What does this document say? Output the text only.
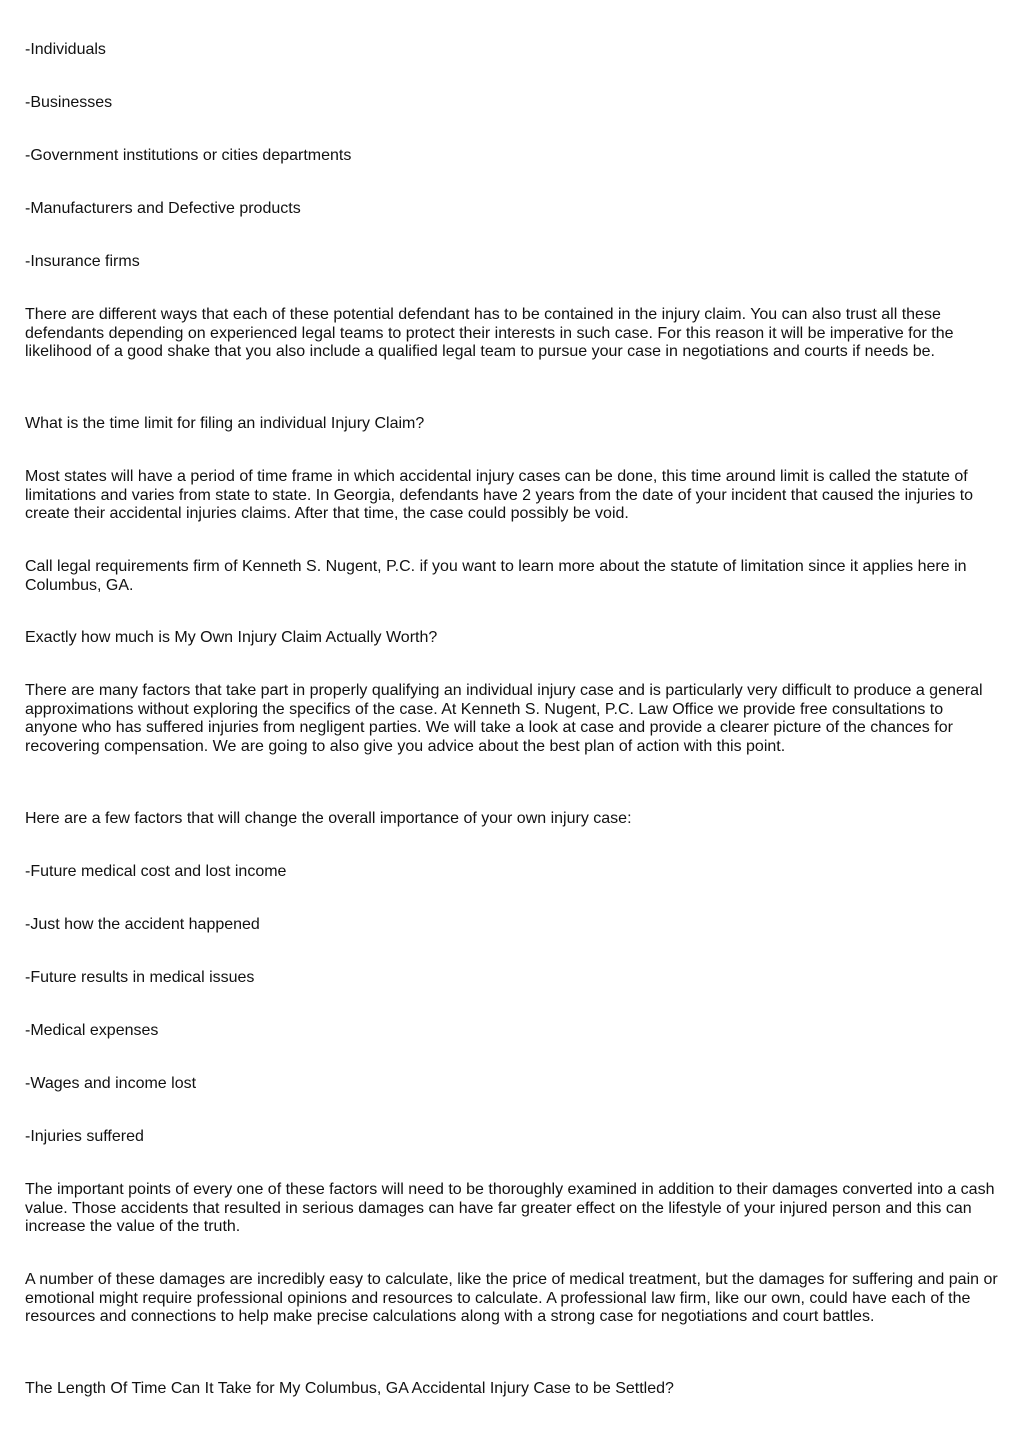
-Individuals

-Businesses

-Government institutions or cities departments

-Manufacturers and Defective products

-Insurance firms

There are different ways that each of these potential defendant has to be contained in the injury claim. You can also trust all these defendants depending on experienced legal teams to protect their interests in such case. For this reason it will be imperative for the likelihood of a good shake that you also include a qualified legal team to pursue your case in negotiations and courts if needs be.

What is the time limit for filing an individual Injury Claim?

Most states will have a period of time frame in which accidental injury cases can be done, this time around limit is called the statute of limitations and varies from state to state. In Georgia, defendants have 2 years from the date of your incident that caused the injuries to create their accidental injuries claims. After that time, the case could possibly be void.

Call legal requirements firm of Kenneth S. Nugent, P.C. if you want to learn more about the statute of limitation since it applies here in Columbus, GA.

Exactly how much is My Own Injury Claim Actually Worth?

There are many factors that take part in properly qualifying an individual injury case and is particularly very difficult to produce a general approximations without exploring the specifics of the case. At Kenneth S. Nugent, P.C. Law Office we provide free consultations to anyone who has suffered injuries from negligent parties. We will take a look at case and provide a clearer picture of the chances for recovering compensation. We are going to also give you advice about the best plan of action with this point.

Here are a few factors that will change the overall importance of your own injury case:

-Future medical cost and lost income

-Just how the accident happened

-Future results in medical issues

-Medical expenses

-Wages and income lost

-Injuries suffered

The important points of every one of these factors will need to be thoroughly examined in addition to their damages converted into a cash value. Those accidents that resulted in serious damages can have far greater effect on the lifestyle of your injured person and this can increase the value of the truth.

A number of these damages are incredibly easy to calculate, like the price of medical treatment, but the damages for suffering and pain or emotional might require professional opinions and resources to calculate. A professional law firm, like our own, could have each of the resources and connections to help make precise calculations along with a strong case for negotiations and court battles.

The Length Of Time Can It Take for My Columbus, GA Accidental Injury Case to be Settled?
